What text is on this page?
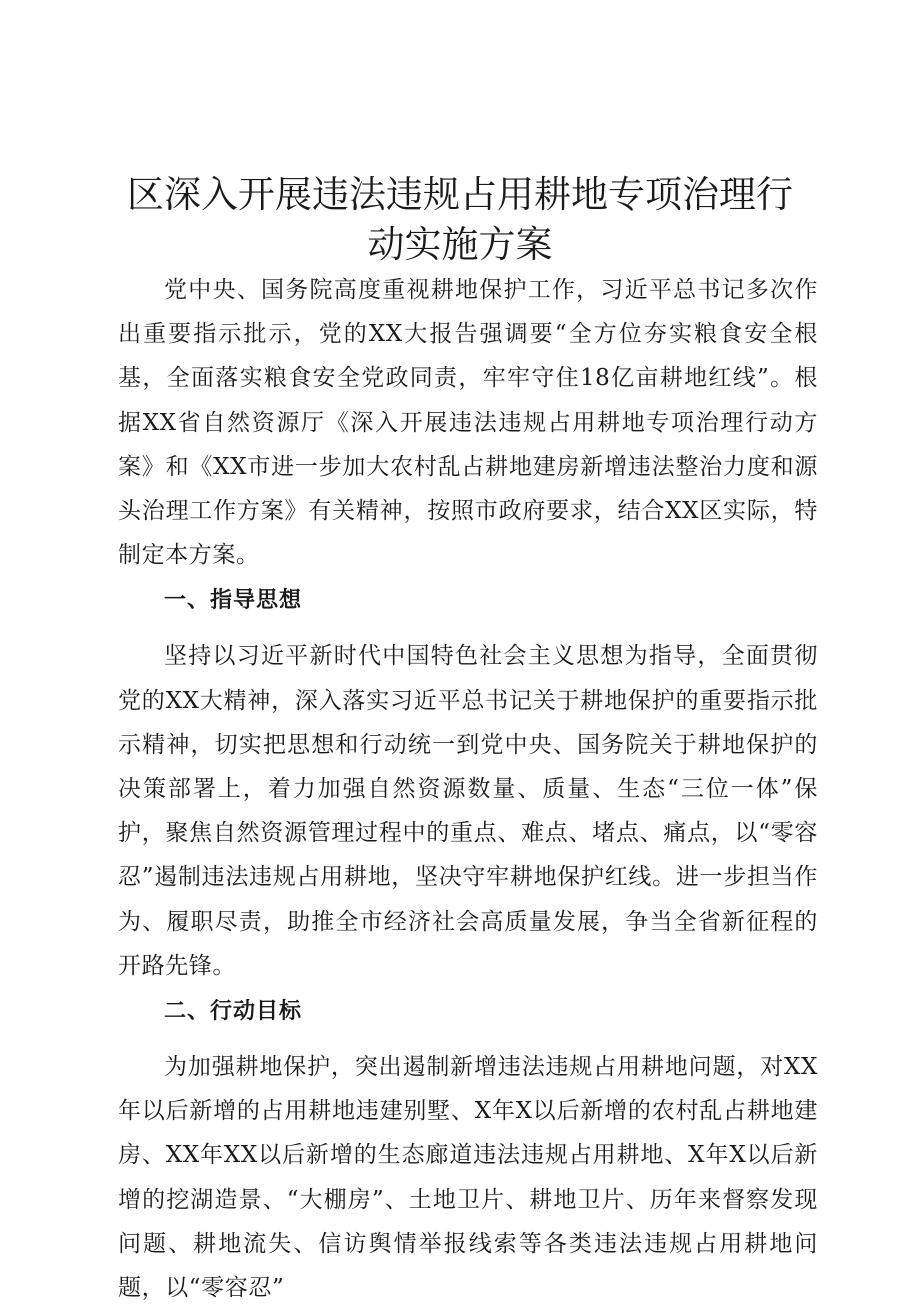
区深入开展违法违规占用耕地专项治理行动实施方案

党中央、国务院高度重视耕地保护工作，习近平总书记多次作出重要指示批示，党的XX大报告强调要“全方位夯实粮食安全根基，全面落实粮食安全党政同责，牢牢守住18亿亩耕地红线”。根据XX省自然资源厅《深入开展违法违规占用耕地专项治理行动方案》和《XX市进一步加大农村乱占耕地建房新增违法整治力度和源头治理工作方案》有关精神，按照市政府要求，结合XX区实际，特制定本方案。

一、指导思想

坚持以习近平新时代中国特色社会主义思想为指导，全面贯彻党的XX大精神，深入落实习近平总书记关于耕地保护的重要指示批示精神，切实把思想和行动统一到党中央、国务院关于耕地保护的决策部署上，着力加强自然资源数量、质量、生态“三位一体”保护，聚焦自然资源管理过程中的重点、难点、堵点、痛点，以“零容忍”遏制违法违规占用耕地，坚决守牢耕地保护红线。进一步担当作为、履职尽责，助推全市经济社会高质量发展，争当全省新征程的开路先锋。

二、行动目标

为加强耕地保护，突出遏制新增违法违规占用耕地问题，对XX年以后新增的占用耕地违建别墅、X年X以后新增的农村乱占耕地建房、XX年XX以后新增的生态廊道违法违规占用耕地、X年X以后新增的挖湖造景、“大棚房”、土地卫片、耕地卫片、历年来督察发现问题、耕地流失、信访舆情举报线索等各类违法违规占用耕地问题，以“零容忍”
